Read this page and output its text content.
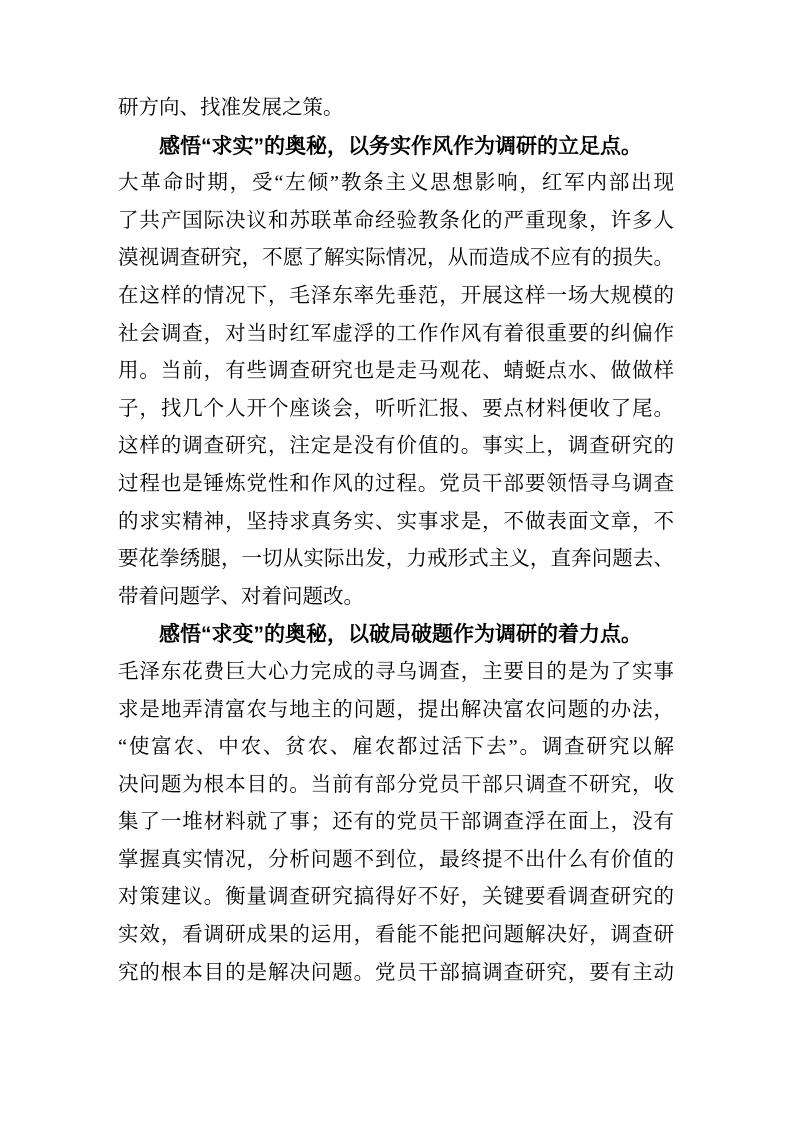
研方向、找准发展之策。
感悟“求实”的奥秘，以务实作风作为调研的立足点。
大革命时期，受“左倾”教条主义思想影响，红军内部出现
了共产国际决议和苏联革命经验教条化的严重现象，许多人
漠视调查研究，不愿了解实际情况，从而造成不应有的损失。
在这样的情况下，毛泽东率先垂范，开展这样一场大规模的
社会调查，对当时红军虚浮的工作作风有着很重要的纠偏作
用。当前，有些调查研究也是走马观花、蜻蜓点水、做做样
子，找几个人开个座谈会，听听汇报、要点材料便收了尾。
这样的调查研究，注定是没有价值的。事实上，调查研究的
过程也是锤炼党性和作风的过程。党员干部要领悟寻乌调查
的求实精神，坚持求真务实、实事求是，不做表面文章，不
要花拳绣腿，一切从实际出发，力戒形式主义，直奔问题去、
带着问题学、对着问题改。
感悟“求变”的奥秘，以破局破题作为调研的着力点。
毛泽东花费巨大心力完成的寻乌调查，主要目的是为了实事
求是地弄清富农与地主的问题，提出解决富农问题的办法，
“使富农、中农、贫农、雇农都过活下去”。调查研究以解
决问题为根本目的。当前有部分党员干部只调查不研究，收
集了一堆材料就了事；还有的党员干部调查浮在面上，没有
掌握真实情况，分析问题不到位，最终提不出什么有价值的
对策建议。衡量调查研究搞得好不好，关键要看调查研究的
实效，看调研成果的运用，看能不能把问题解决好，调查研
究的根本目的是解决问题。党员干部搞调查研究，要有主动
